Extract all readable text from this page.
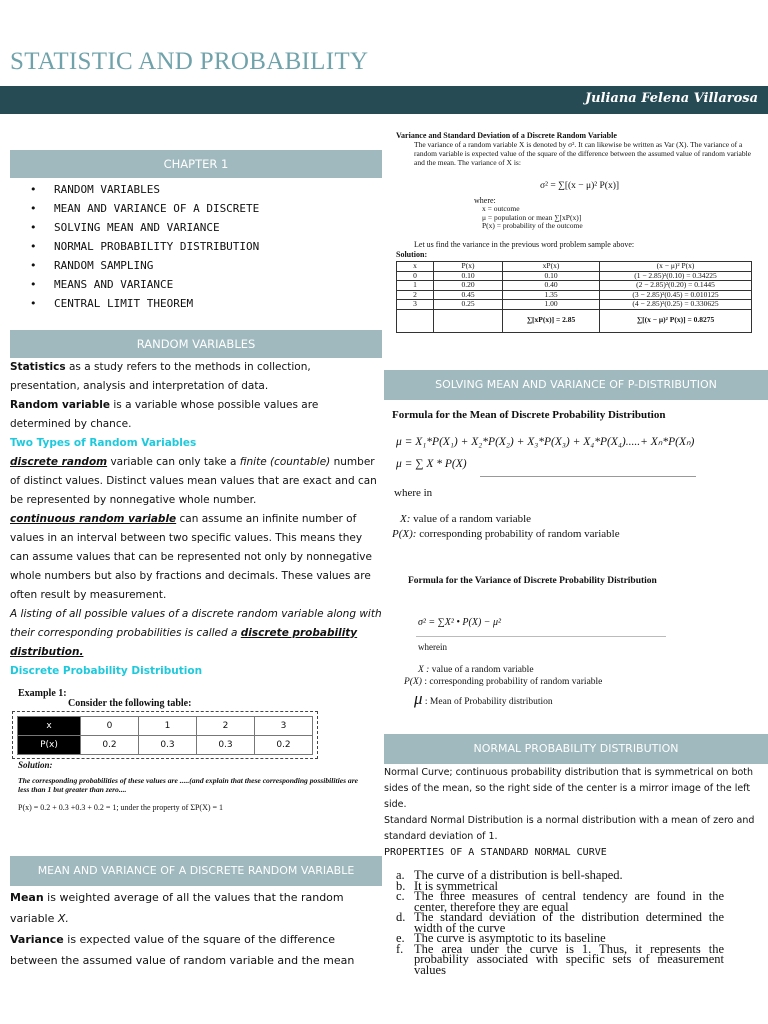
STATISTIC AND PROBABILITY
Juliana Felena Villarosa
CHAPTER 1
• RANDOM VARIABLES
• MEAN AND VARIANCE OF A DISCRETE
• SOLVING MEAN AND VARIANCE
• NORMAL PROBABILITY DISTRIBUTION
• RANDOM SAMPLING
• MEANS AND VARIANCE
• CENTRAL LIMIT THEOREM
RANDOM VARIABLES
Statistics as a study refers to the methods in collection, presentation, analysis and interpretation of data.
Random variable is a variable whose possible values are determined by chance.
Two Types of Random Variables
discrete random variable can only take a finite (countable) number of distinct values. Distinct values mean values that are exact and can be represented by nonnegative whole number.
continuous random variable can assume an infinite number of values in an interval between two specific values. This means they can assume values that can be represented not only by nonnegative whole numbers but also by fractions and decimals. These values are often result by measurement.
A listing of all possible values of a discrete random variable along with their corresponding probabilities is called a discrete probability distribution.
Discrete Probability Distribution
Example 1:
Consider the following table:
x	0	1	2	3
P(x)	0.2	0.3	0.3	0.2
Solution:
The corresponding probabilities of these values are .....(and explain that these corresponding possibilities are less than 1 but greater than zero....
P(x) = 0.2 + 0.3 +0.3 + 0.2 = 1; under the property of ΣP(X) = 1
MEAN AND VARIANCE OF A DISCRETE RANDOM VARIABLE
Mean is weighted average of all the values that the random variable X.
Variance is expected value of the square of the difference between the assumed value of random variable and the mean
Variance and Standard Deviation of a Discrete Random Variable
The variance of a random variable X is denoted by σ². It can likewise be written as Var (X). The variance of a random variable is expected value of the square of the difference between the assumed value of random variable and the mean. The variance of X is:
σ² = ∑[(x − μ)² P(x)]
where:
x = outcome
μ = population or mean ∑[xP(x)]
P(x) = probability of the outcome
Let us find the variance in the previous word problem sample above:
Solution:
x	P(x)	xP(x)	(x − μ)² P(x)
0	0.10	0.10	(1 − 2.85)²(0.10) = 0.34225
1	0.20	0.40	(2 − 2.85)²(0.20) = 0.1445
2	0.45	1.35	(3 − 2.85)²(0.45) = 0.010125
3	0.25	1.00	(4 − 2.85)²(0.25) = 0.330625
		∑[xP(x)] = 2.85	∑[(x − μ)² P(x)] = 0.8275
SOLVING MEAN AND VARIANCE OF P-DISTRIBUTION
Formula for the Mean of Discrete Probability Distribution
μ = X₁*P(X₁) + X₂*P(X₂) + X₃*P(X₃) + X₄*P(X₄).....+ Xₙ*P(Xₙ)
μ = ∑ X * P(X)
where in
X: value of a random variable
P(X): corresponding probability of random variable
Formula for the Variance of Discrete Probability Distribution
σ² = ∑X² • P(X) − μ²
wherein
X : value of a random variable
P(X) : corresponding probability of random variable
μ : Mean of Probability distribution
NORMAL PROBABILITY DISTRIBUTION
Normal Curve; continuous probability distribution that is symmetrical on both sides of the mean, so the right side of the center is a mirror image of the left side.
Standard Normal Distribution is a normal distribution with a mean of zero and standard deviation of 1.
PROPERTIES OF A STANDARD NORMAL CURVE
a. The curve of a distribution is bell-shaped.
b. It is symmetrical
c. The three measures of central tendency are found in the center, therefore they are equal
d. The standard deviation of the distribution determined the width of the curve
e. The curve is asymptotic to its baseline
f. The area under the curve is 1. Thus, it represents the probability associated with specific sets of measurement values
